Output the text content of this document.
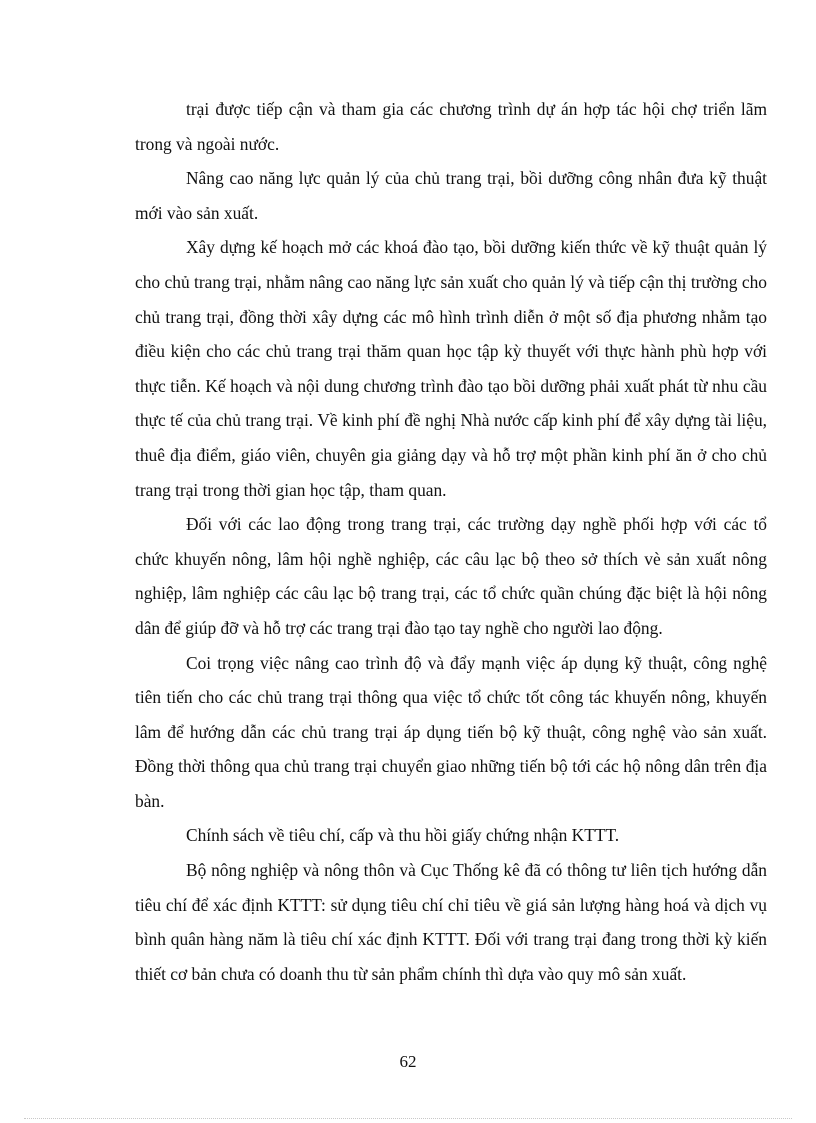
trại được tiếp cận và tham gia các chương trình dự án hợp tác hội chợ triển lãm trong và ngoài nước.

Nâng cao năng lực quản lý của chủ trang trại, bồi dưỡng công nhân đưa kỹ thuật mới vào sản xuất.

Xây dựng kế hoạch mở các khoá đào tạo, bồi dưỡng kiến thức về kỹ thuật quản lý cho chủ trang trại, nhằm nâng cao năng lực sản xuất cho quản lý và tiếp cận thị trường cho chủ trang trại, đồng thời xây dựng các mô hình trình diễn ở một số địa phương nhằm tạo điều kiện cho các chủ trang trại thăm quan học tập kỳ thuyết với thực hành phù hợp với thực tiễn. Kế hoạch và nội dung chương trình đào tạo bồi dưỡng phải xuất phát từ nhu cầu thực tế của chủ trang trại. Về kinh phí đề nghị Nhà nước cấp kinh phí để xây dựng tài liệu, thuê địa điểm, giáo viên, chuyên gia giảng dạy và hỗ trợ một phần kinh phí ăn ở cho chủ trang trại trong thời gian học tập, tham quan.

Đối với các lao động trong trang trại, các trường dạy nghề phối hợp với các tổ chức khuyến nông, lâm hội nghề nghiệp, các câu lạc bộ theo sở thích vè sản xuất nông nghiệp, lâm nghiệp các câu lạc bộ trang trại, các tổ chức quần chúng đặc biệt là hội nông dân để giúp đỡ và hỗ trợ các trang trại đào tạo tay nghề cho người lao động.

Coi trọng việc nâng cao trình độ và đẩy mạnh việc áp dụng kỹ thuật, công nghệ tiên tiến cho các chủ trang trại thông qua việc tổ chức tốt công tác khuyến nông, khuyến lâm để hướng dẫn các chủ trang trại áp dụng tiến bộ kỹ thuật, công nghệ vào sản xuất. Đồng thời thông qua chủ trang trại chuyển giao những tiến bộ tới các hộ nông dân trên địa bàn.

Chính sách về tiêu chí, cấp và thu hồi giấy chứng nhận KTTT.

Bộ nông nghiệp và nông thôn và Cục Thống kê đã có thông tư liên tịch hướng dẫn tiêu chí để xác định KTTT: sử dụng tiêu chí chỉ tiêu về giá sản lượng hàng hoá và dịch vụ bình quân hàng năm là tiêu chí xác định KTTT. Đối với trang trại đang trong thời kỳ kiến thiết cơ bản chưa có doanh thu từ sản phẩm chính thì dựa vào quy mô sản xuất.

62
